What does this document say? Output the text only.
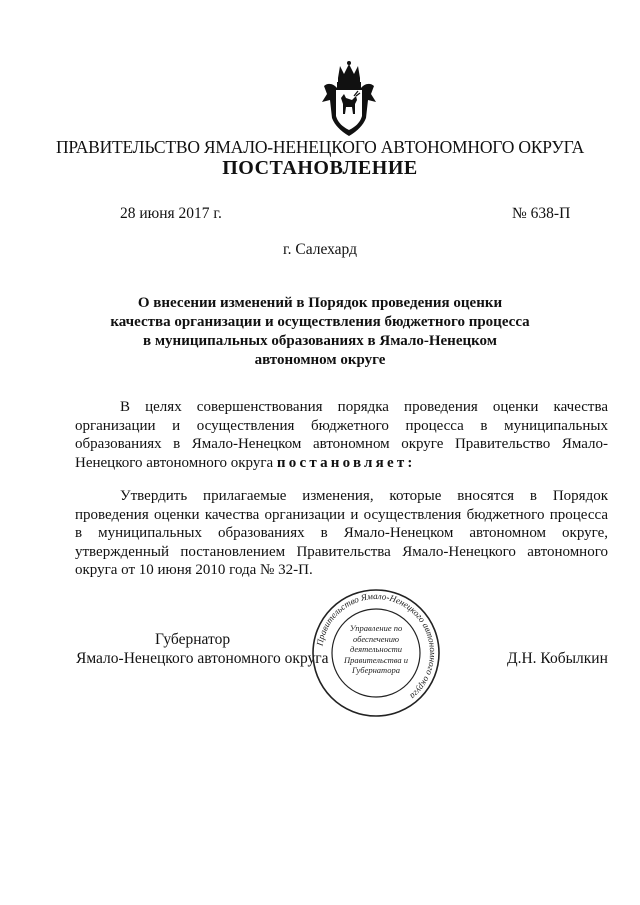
ПРАВИТЕЛЬСТВО ЯМАЛО-НЕНЕЦКОГО АВТОНОМНОГО ОКРУГА
ПОСТАНОВЛЕНИЕ
28 июня 2017 г.	№ 638-П
г. Салехард
О внесении изменений в Порядок проведения оценки качества организации и осуществления бюджетного процесса в муниципальных образованиях в Ямало-Ненецком автономном округе
В целях совершенствования порядка проведения оценки качества организации и осуществления бюджетного процесса в муниципальных образованиях в Ямало-Ненецком автономном округе Правительство Ямало-Ненецкого автономного округа постановляет:
Утвердить прилагаемые изменения, которые вносятся в Порядок проведения оценки качества организации и осуществления бюджетного процесса в муниципальных образованиях в Ямало-Ненецком автономном округе, утвержденный постановлением Правительства Ямало-Ненецкого автономного округа от 10 июня 2010 года № 32-П.
Губернатор
Ямало-Ненецкого автономного округа	Д.Н. Кобылкин
Правительство Ямало-Ненецкого автономного округа
Управление по обеспечению деятельности Правительства и Губернатора
